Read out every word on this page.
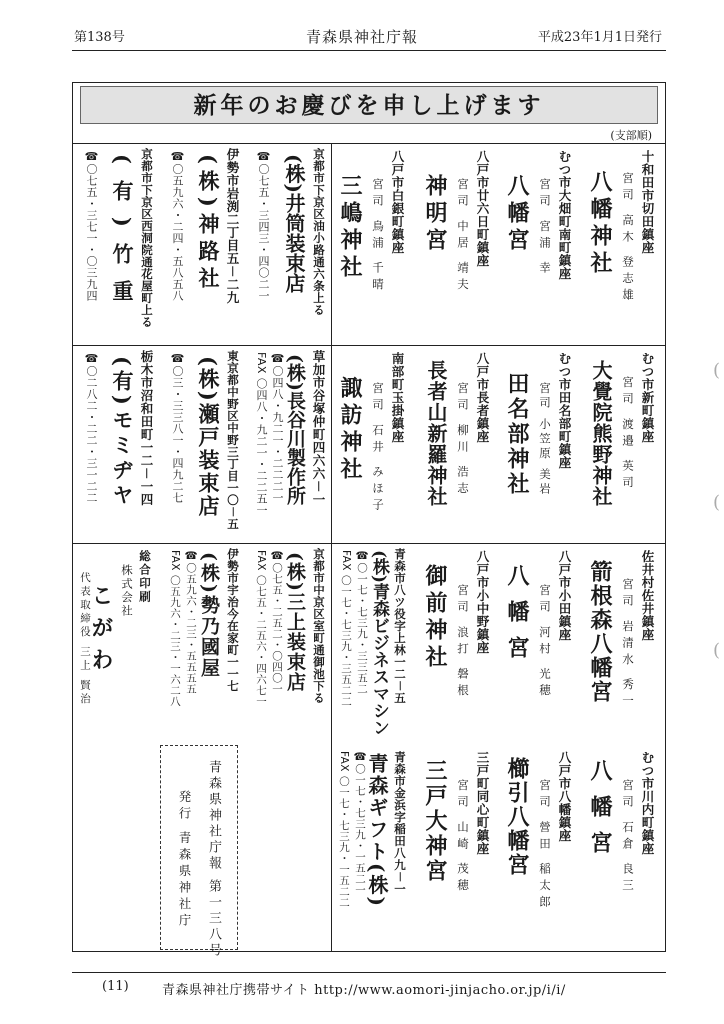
第138号	青森県神社庁報	平成23年1月1日発行
新年のお慶びを申し上げます
(支部順)
十和田市切田鎮座
宮司 高木 登志雄
八幡神社
むつ市大畑町南町鎮座
宮司 宮浦 幸
八幡宮
八戸市廿六日町鎮座
宮司 中居 靖夫
神明宮
八戸市白銀町鎮座
宮司 鳥浦 千晴
三嶋神社
むつ市新町鎮座
宮司 渡邉 英司
大覺院熊野神社
むつ市田名部町鎮座
宮司 小笠原 美岩
田名部神社
八戸市長者鎮座
宮司 柳川 浩志
長者山新羅神社
南部町玉掛鎮座
宮司 石井 みほ子
諏訪神社
佐井村佐井鎮座
宮司 岩清水 秀一
箭根森八幡宮
八戸市小田鎮座
宮司 河村 光穂
八幡宮
八戸市小中野鎮座
宮司 浪打 磐根
御前神社
むつ市川内町鎮座
宮司 石倉 良三
八幡宮
八戸市八幡鎮座
宮司 營田 稲太郎
櫛引八幡宮
三戸町同心町鎮座
宮司 山崎 茂穂
三戸大神宮
京都市下京区油小路通六条上る
(株)井筒装束店
☎〇七五・三四三・四〇二一
伊勢市岩渕二丁目五－二九
(株)神路社
☎〇五九六・二四・五八五八
京都市下京区西洞院通花屋町上る
(有)竹重
☎〇七五・三七一・〇三九四
草加市谷塚仲町四六六－一
(株)長谷川製作所
☎〇四八・九二一・二二二一
FAX 〇四八・九二一・二二五一
東京都中野区中野三丁目一〇－五
(株)瀬戸装束店
☎〇三・三三八一・四九二七
栃木市沼和田町一二－一四
(有)モミヂヤ
☎〇二八二・二二・三一二二
青森市八ツ役字上林一二－五
(株)青森ビジネスマシン
☎〇一七・七三九・三三五二
FAX 〇一七・七三九・三五二二
京都市中京区室町通御池下る
(株)三上装束店
☎〇七五・二五二・〇四〇一
FAX 〇七五・二五六・四六七一
伊勢市宇治今在家町一一七
(株)勢乃國屋
☎〇五九六・二三・五五五五
FAX 〇五九六・二三・一六二八
総合印刷
株式会社
こがわ
代表取締役 三上 賢治
青森市金浜字稲田八九－一
青森ギフト(株)
☎〇一七・七三九・一五二一
FAX 〇一七・七三九・一五二二
青森県神社庁報 第一三八号
発行 青森県神社庁
(11)	青森県神社庁携帯サイト http://www.aomori-jinjacho.or.jp/i/i/
(
(
(
